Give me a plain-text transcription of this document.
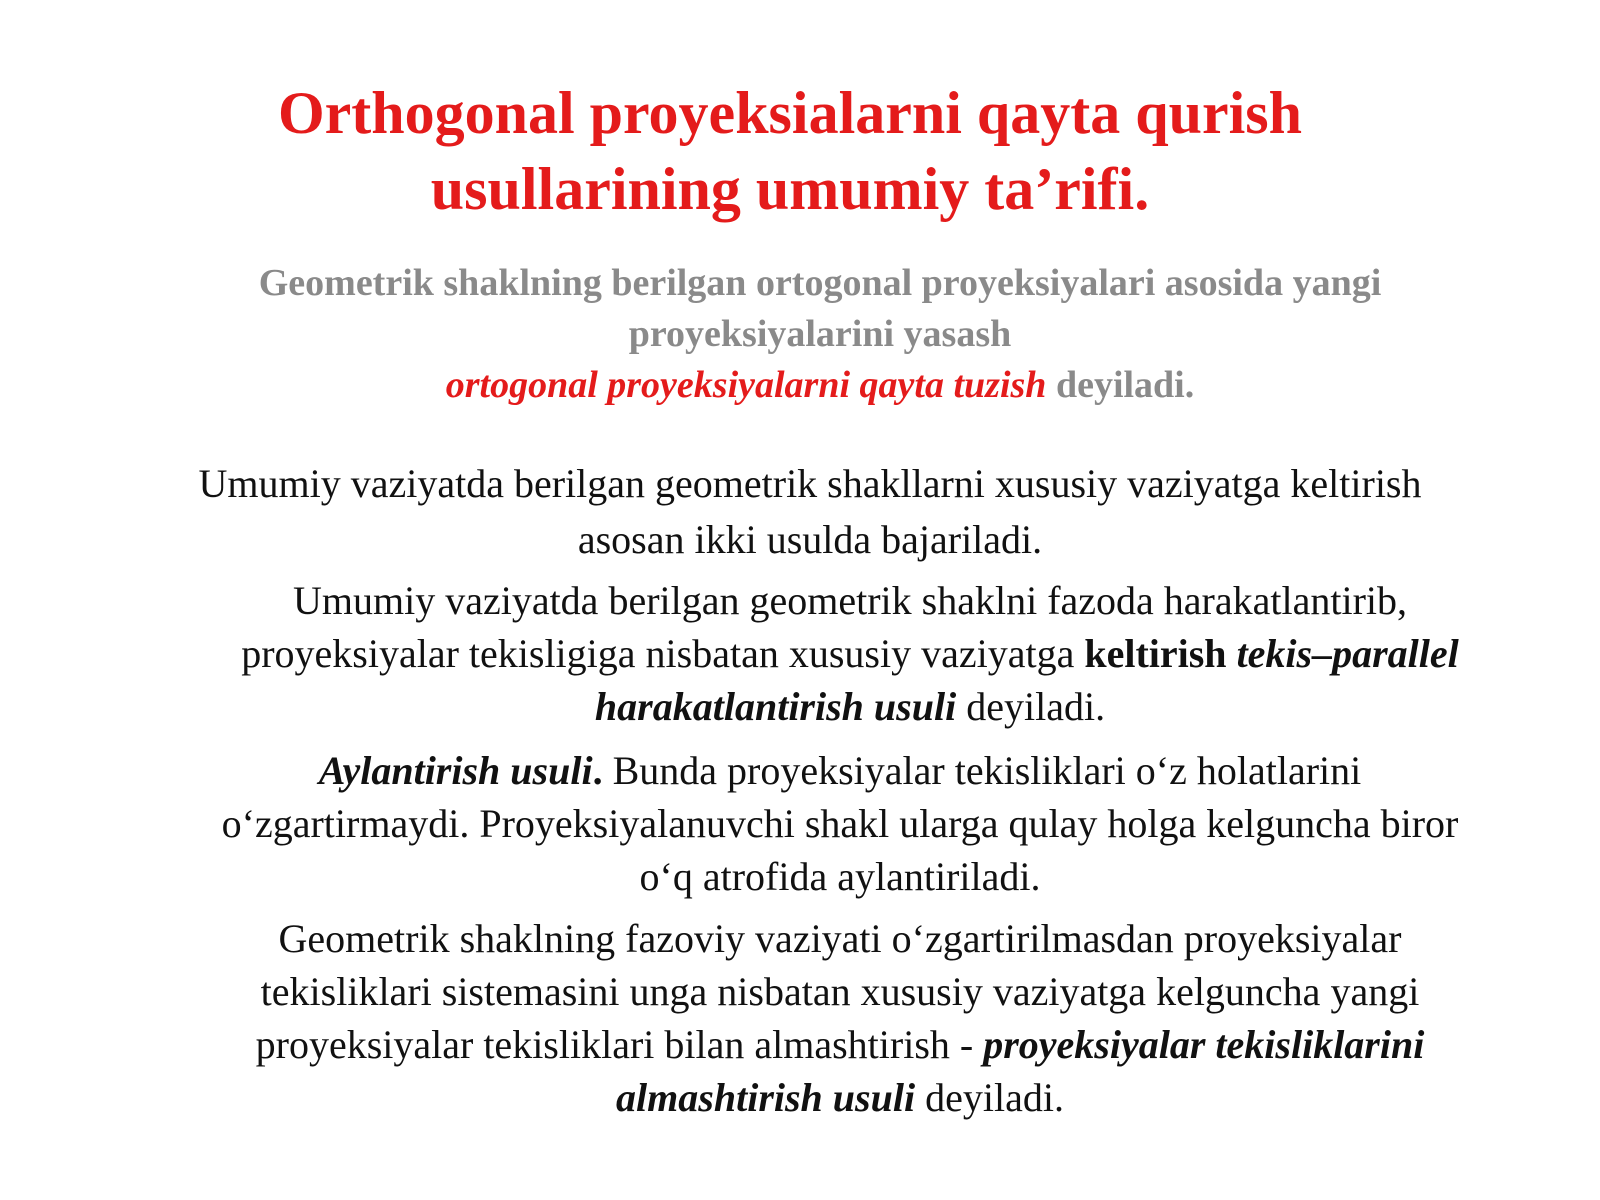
Orthogonal proyeksialarni qayta qurish
usullarining umumiy ta’rifi.

Geometrik shaklning berilgan ortogonal proyeksiyalari asosida yangi
proyeksiyalarini yasash
ortogonal proyeksiyalarni qayta tuzish deyiladi.

Umumiy vaziyatda berilgan geometrik shakllarni xususiy vaziyatga keltirish
asosan ikki usulda bajariladi.

Umumiy vaziyatda berilgan geometrik shaklni fazoda harakatlantirib,
proyeksiyalar tekisligiga nisbatan xususiy vaziyatga keltirish tekis–parallel
harakatlantirish usuli deyiladi.

Aylantirish usuli. Bunda proyeksiyalar tekisliklari o‘z holatlarini
o‘zgartirmaydi. Proyeksiyalanuvchi shakl ularga qulay holga kelguncha biror
o‘q atrofida aylantiriladi.

Geometrik shaklning fazoviy vaziyati o‘zgartirilmasdan proyeksiyalar
tekisliklari sistemasini unga nisbatan xususiy vaziyatga kelguncha yangi
proyeksiyalar tekisliklari bilan almashtirish - proyeksiyalar tekisliklarini
almashtirish usuli deyiladi.
